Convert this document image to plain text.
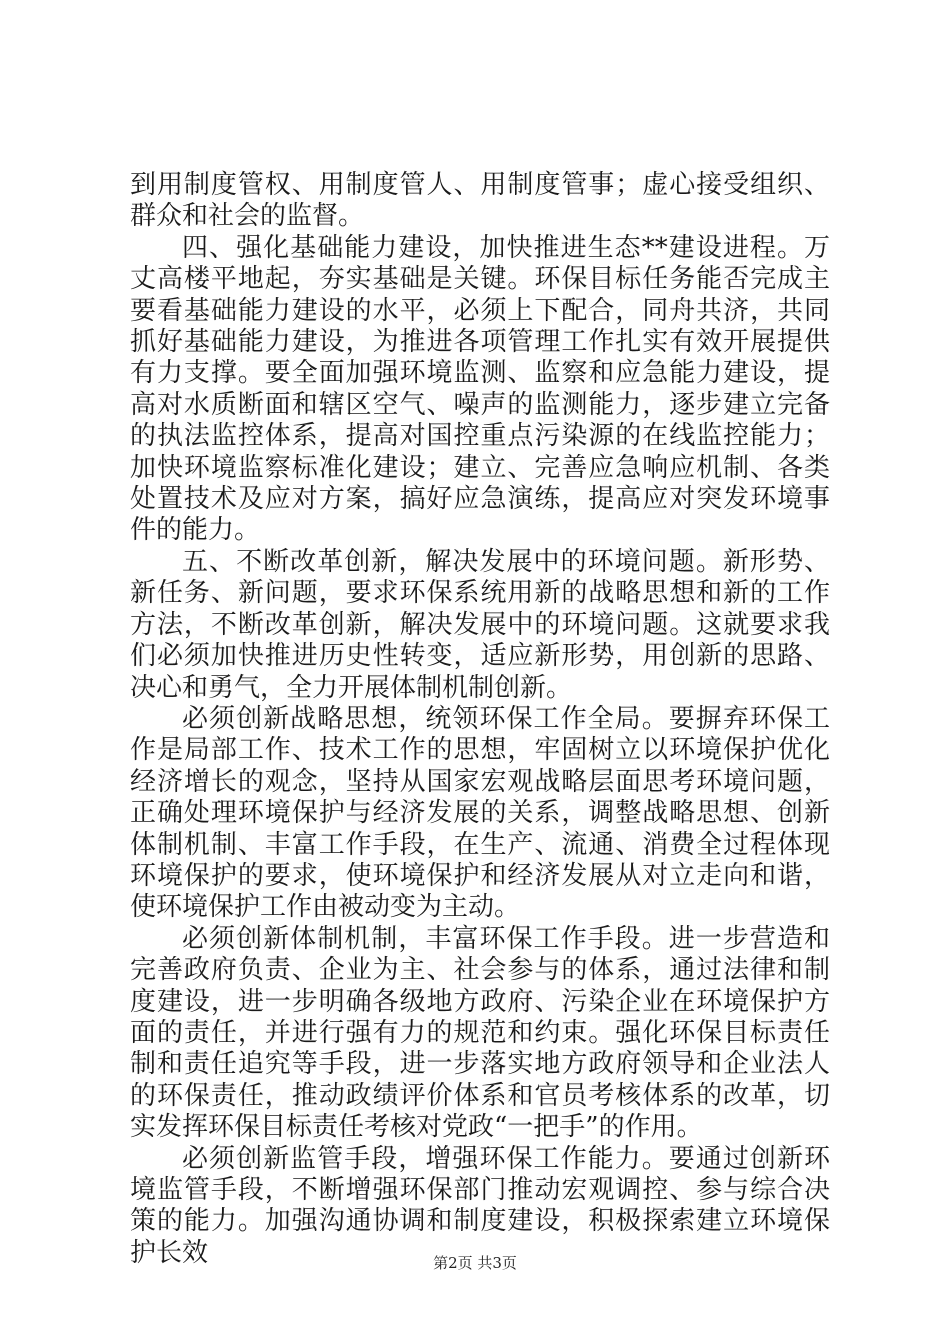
到用制度管权、用制度管人、用制度管事；虚心接受组织、群众和社会的监督。

四、强化基础能力建设，加快推进生态**建设进程。万丈高楼平地起，夯实基础是关键。环保目标任务能否完成主要看基础能力建设的水平，必须上下配合，同舟共济，共同抓好基础能力建设，为推进各项管理工作扎实有效开展提供有力支撑。要全面加强环境监测、监察和应急能力建设，提高对水质断面和辖区空气、噪声的监测能力，逐步建立完备的执法监控体系，提高对国控重点污染源的在线监控能力；加快环境监察标准化建设；建立、完善应急响应机制、各类处置技术及应对方案，搞好应急演练，提高应对突发环境事件的能力。

五、不断改革创新，解决发展中的环境问题。新形势、新任务、新问题，要求环保系统用新的战略思想和新的工作方法，不断改革创新，解决发展中的环境问题。这就要求我们必须加快推进历史性转变，适应新形势，用创新的思路、决心和勇气，全力开展体制机制创新。

必须创新战略思想，统领环保工作全局。要摒弃环保工作是局部工作、技术工作的思想，牢固树立以环境保护优化经济增长的观念，坚持从国家宏观战略层面思考环境问题，正确处理环境保护与经济发展的关系，调整战略思想、创新体制机制、丰富工作手段，在生产、流通、消费全过程体现环境保护的要求，使环境保护和经济发展从对立走向和谐，使环境保护工作由被动变为主动。

必须创新体制机制，丰富环保工作手段。进一步营造和完善政府负责、企业为主、社会参与的体系，通过法律和制度建设，进一步明确各级地方政府、污染企业在环境保护方面的责任，并进行强有力的规范和约束。强化环保目标责任制和责任追究等手段，进一步落实地方政府领导和企业法人的环保责任，推动政绩评价体系和官员考核体系的改革，切实发挥环保目标责任考核对党政“一把手”的作用。

必须创新监管手段，增强环保工作能力。要通过创新环境监管手段，不断增强环保部门推动宏观调控、参与综合决策的能力。加强沟通协调和制度建设，积极探索建立环境保护长效	第2页 共3页
